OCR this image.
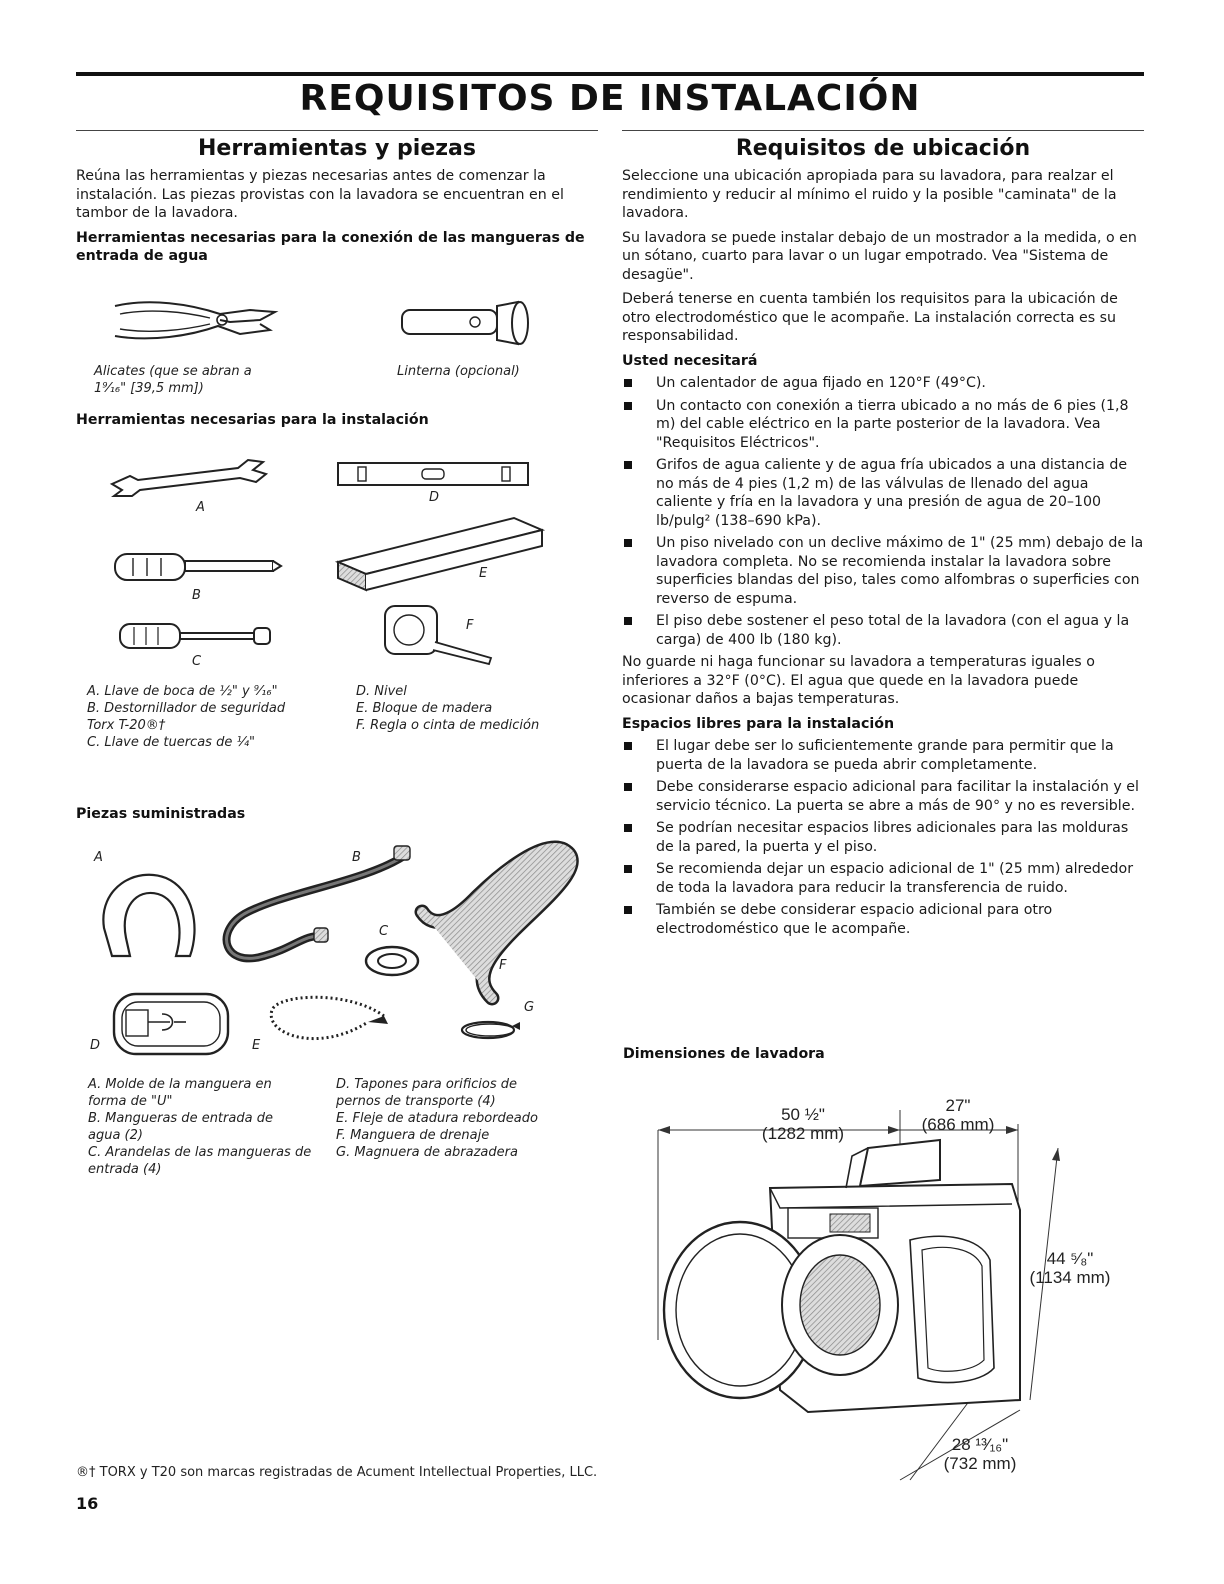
REQUISITOS DE INSTALACIÓN
Herramientas y piezas

Reúna las herramientas y piezas necesarias antes de comenzar la instalación. Las piezas provistas con la lavadora se encuentran en el tambor de la lavadora.

Herramientas necesarias para la conexión de las mangueras de entrada de agua
Alicates (que se abran a 1⁹⁄₁₆" [39,5 mm])
Linterna (opcional)
Herramientas necesarias para la instalación
A
B
C
D
E
F
A. Llave de boca de ½" y ⁹⁄₁₆"
B. Destornillador de seguridad Torx T-20®†
C. Llave de tuercas de ¼"
D. Nivel
E. Bloque de madera
F. Regla o cinta de medición
Piezas suministradas
A	B
C
F
G
D	E
A. Molde de la manguera en forma de "U"
B. Mangueras de entrada de agua (2)
C. Arandelas de las mangueras de entrada (4)
D. Tapones para orificios de pernos de transporte (4)
E. Fleje de atadura rebordeado
F. Manguera de drenaje
G. Magnuera de abrazadera
Requisitos de ubicación

Seleccione una ubicación apropiada para su lavadora, para realzar el rendimiento y reducir al mínimo el ruido y la posible "caminata" de la lavadora.

Su lavadora se puede instalar debajo de un mostrador a la medida, o en un sótano, cuarto para lavar o un lugar empotrado. Vea "Sistema de desagüe".

Deberá tenerse en cuenta también los requisitos para la ubicación de otro electrodoméstico que le acompañe. La instalación correcta es su responsabilidad.

Usted necesitará
Un calentador de agua fijado en 120°F (49°C).
Un contacto con conexión a tierra ubicado a no más de 6 pies (1,8 m) del cable eléctrico en la parte posterior de la lavadora. Vea "Requisitos Eléctricos".
Grifos de agua caliente y de agua fría ubicados a una distancia de no más de 4 pies (1,2 m) de las válvulas de llenado del agua caliente y fría en la lavadora y una presión de agua de 20–100 lb/pulg² (138–690 kPa).
Un piso nivelado con un declive máximo de 1" (25 mm) debajo de la lavadora completa. No se recomienda instalar la lavadora sobre superficies blandas del piso, tales como alfombras o superficies con reverso de espuma.
El piso debe sostener el peso total de la lavadora (con el agua y la carga) de 400 lb (180 kg).

No guarde ni haga funcionar su lavadora a temperaturas iguales o inferiores a 32°F (0°C). El agua que quede en la lavadora puede ocasionar daños a bajas temperaturas.

Espacios libres para la instalación
El lugar debe ser lo suficientemente grande para permitir que la puerta de la lavadora se pueda abrir completamente.
Debe considerarse espacio adicional para facilitar la instalación y el servicio técnico. La puerta se abre a más de 90° y no es reversible.
Se podrían necesitar espacios libres adicionales para las molduras de la pared, la puerta y el piso.
Se recomienda dejar un espacio adicional de 1" (25 mm) alrededor de toda la lavadora para reducir la transferencia de ruido.
También se debe considerar espacio adicional para otro electrodoméstico que le acompañe.
Dimensiones de lavadora
50 ½"
(1282 mm)
27"
(686 mm)
44 ⁵⁄₈"
(1134 mm)
28 ¹³⁄₁₆"
(732 mm)
®† TORX y T20 son marcas registradas de Acument Intellectual Properties, LLC.
16
